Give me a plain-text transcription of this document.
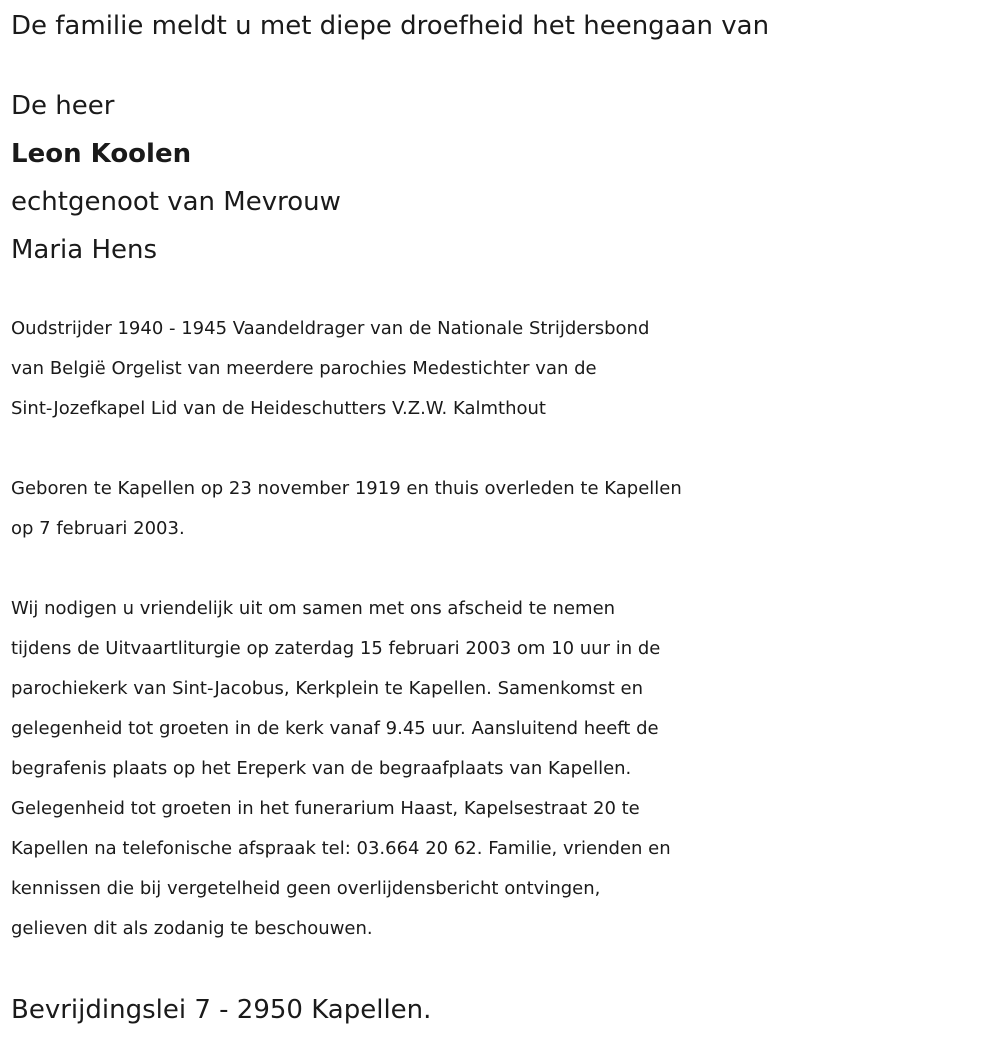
De familie meldt u met diepe droefheid het heengaan van
De heer
Leon Koolen
echtgenoot van Mevrouw
Maria Hens
Oudstrijder 1940 - 1945 Vaandeldrager van de Nationale Strijdersbond
van België Orgelist van meerdere parochies Medestichter van de
Sint-Jozefkapel Lid van de Heideschutters V.Z.W. Kalmthout
Geboren te Kapellen op 23 november 1919 en thuis overleden te Kapellen
op 7 februari 2003.
Wij nodigen u vriendelijk uit om samen met ons afscheid te nemen
tijdens de Uitvaartliturgie op zaterdag 15 februari 2003 om 10 uur in de
parochiekerk van Sint-Jacobus, Kerkplein te Kapellen. Samenkomst en
gelegenheid tot groeten in de kerk vanaf 9.45 uur. Aansluitend heeft de
begrafenis plaats op het Ereperk van de begraafplaats van Kapellen.
Gelegenheid tot groeten in het funerarium Haast, Kapelsestraat 20 te
Kapellen na telefonische afspraak tel: 03.664 20 62. Familie, vrienden en
kennissen die bij vergetelheid geen overlijdensbericht ontvingen,
gelieven dit als zodanig te beschouwen.
Bevrijdingslei 7 - 2950 Kapellen.
